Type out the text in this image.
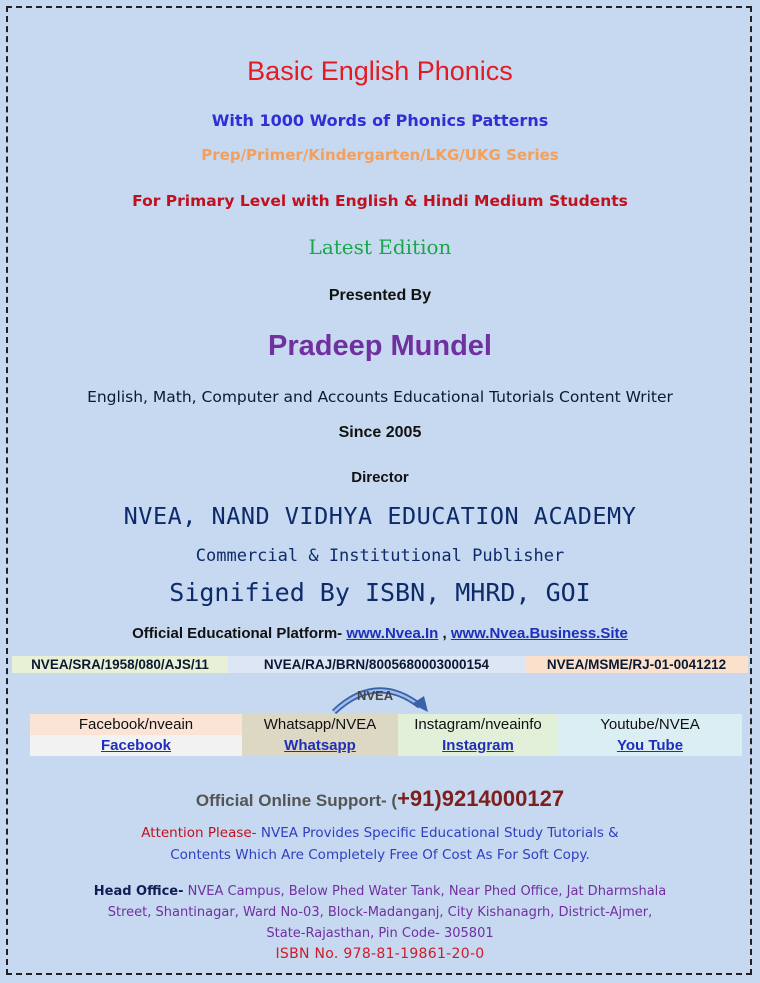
Basic English Phonics
With 1000 Words of Phonics Patterns
Prep/Primer/Kindergarten/LKG/UKG Series
For Primary Level with English & Hindi Medium Students
Latest Edition
Presented By
Pradeep Mundel
English, Math, Computer and Accounts Educational Tutorials Content Writer
Since 2005
Director
NVEA, NAND VIDHYA EDUCATION ACADEMY
Commercial & Institutional Publisher
Signified By ISBN, MHRD, GOI
Official Educational Platform- www.Nvea.In , www.Nvea.Business.Site
NVEA/SRA/1958/080/AJS/11	NVEA/RAJ/BRN/8005680003000154	NVEA/MSME/RJ-01-0041212
NVEA
Facebook/nveain	Whatsapp/NVEA	Instagram/nveainfo	Youtube/NVEA
Facebook	Whatsapp	Instagram	You Tube
Official Online Support- (+91)9214000127
Attention Please- NVEA Provides Specific Educational Study Tutorials &
Contents Which Are Completely Free Of Cost As For Soft Copy.
Head Office- NVEA Campus, Below Phed Water Tank, Near Phed Office, Jat Dharmshala
Street, Shantinagar, Ward No-03, Block-Madanganj, City Kishanagrh, District-Ajmer,
State-Rajasthan, Pin Code- 305801
ISBN No. 978-81-19861-20-0
